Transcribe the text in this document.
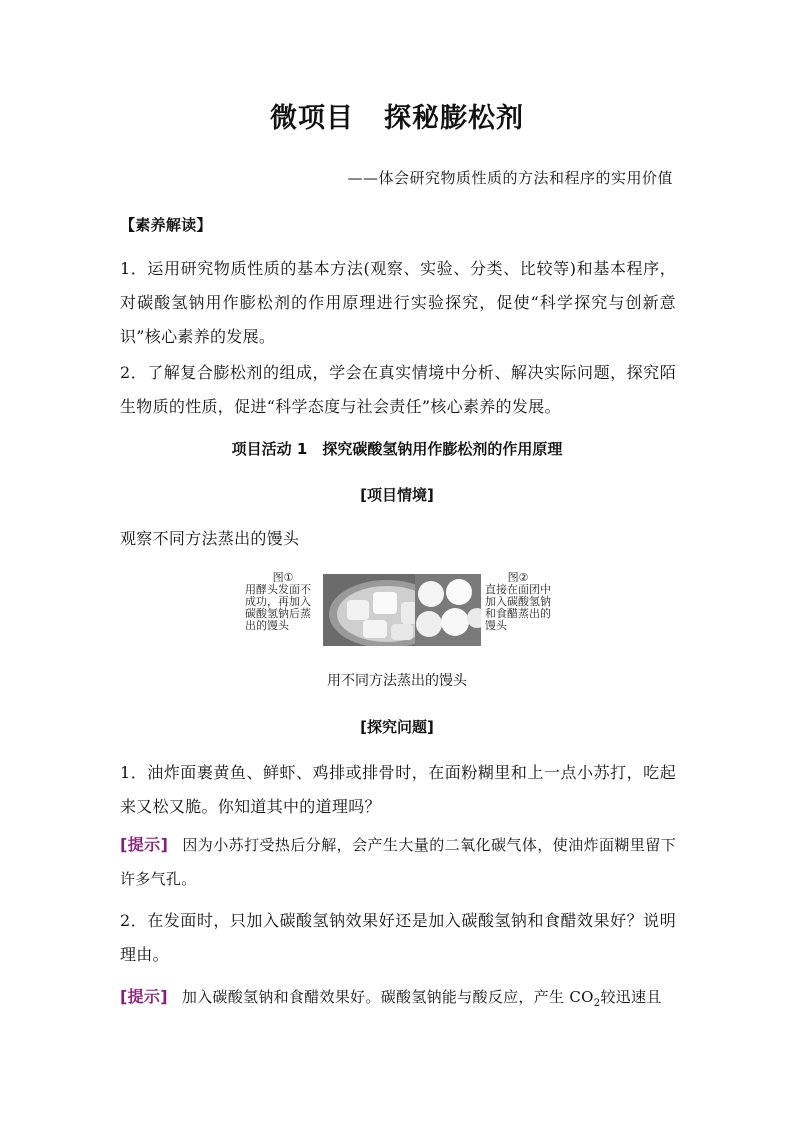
微项目 探秘膨松剂
——体会研究物质性质的方法和程序的实用价值
【素养解读】
1．运用研究物质性质的基本方法(观察、实验、分类、比较等)和基本程序，对碳酸氢钠用作膨松剂的作用原理进行实验探究，促使“科学探究与创新意识”核心素养的发展。
2．了解复合膨松剂的组成，学会在真实情境中分析、解决实际问题，探究陌生物质的性质，促进“科学态度与社会责任”核心素养的发展。
项目活动 1　探究碳酸氢钠用作膨松剂的作用原理
[项目情境]
观察不同方法蒸出的馒头
图①
用酵头发面不成功，再加入碳酸氢钠后蒸出的馒头
图②
直接在面团中加入碳酸氢钠和食醋蒸出的馒头
用不同方法蒸出的馒头
[探究问题]
1．油炸面裹黄鱼、鲜虾、鸡排或排骨时，在面粉糊里和上一点小苏打，吃起来又松又脆。你知道其中的道理吗？
[提示] 因为小苏打受热后分解，会产生大量的二氧化碳气体，使油炸面糊里留下许多气孔。
2．在发面时，只加入碳酸氢钠效果好还是加入碳酸氢钠和食醋效果好？说明理由。
[提示] 加入碳酸氢钠和食醋效果好。碳酸氢钠能与酸反应，产生 $CO_2$较迅速且
